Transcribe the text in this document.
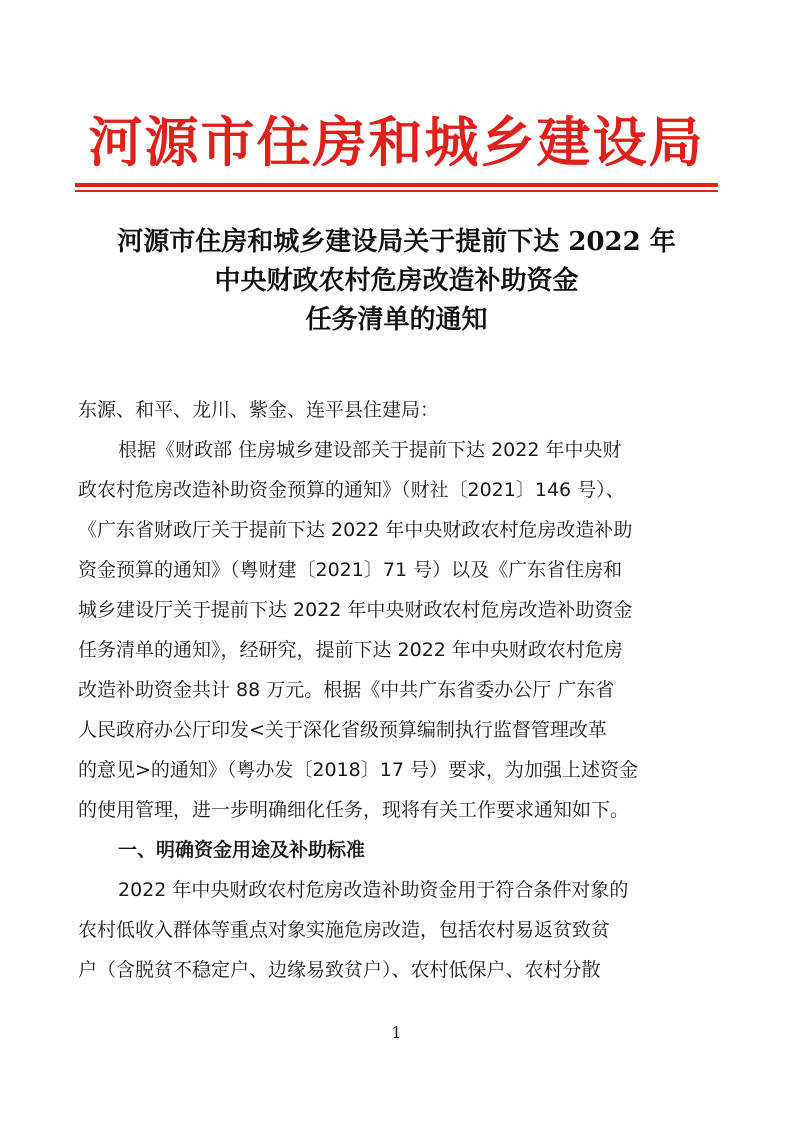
河源市住房和城乡建设局
河源市住房和城乡建设局关于提前下达 2022 年
中央财政农村危房改造补助资金
任务清单的通知
东源、和平、龙川、紫金、连平县住建局：
根据《财政部 住房城乡建设部关于提前下达 2022 年中央财
政农村危房改造补助资金预算的通知》（财社〔2021〕146 号）、
《广东省财政厅关于提前下达 2022 年中央财政农村危房改造补助
资金预算的通知》（粤财建〔2021〕71 号）以及《广东省住房和
城乡建设厅关于提前下达 2022 年中央财政农村危房改造补助资金
任务清单的通知》，经研究，提前下达 2022 年中央财政农村危房
改造补助资金共计 88 万元。根据《中共广东省委办公厅 广东省
人民政府办公厅印发<关于深化省级预算编制执行监督管理改革
的意见>的通知》（粤办发〔2018〕17 号）要求，为加强上述资金
的使用管理，进一步明确细化任务，现将有关工作要求通知如下。
一、明确资金用途及补助标准
2022 年中央财政农村危房改造补助资金用于符合条件对象的
农村低收入群体等重点对象实施危房改造，包括农村易返贫致贫
户（含脱贫不稳定户、边缘易致贫户）、农村低保户、农村分散
1
